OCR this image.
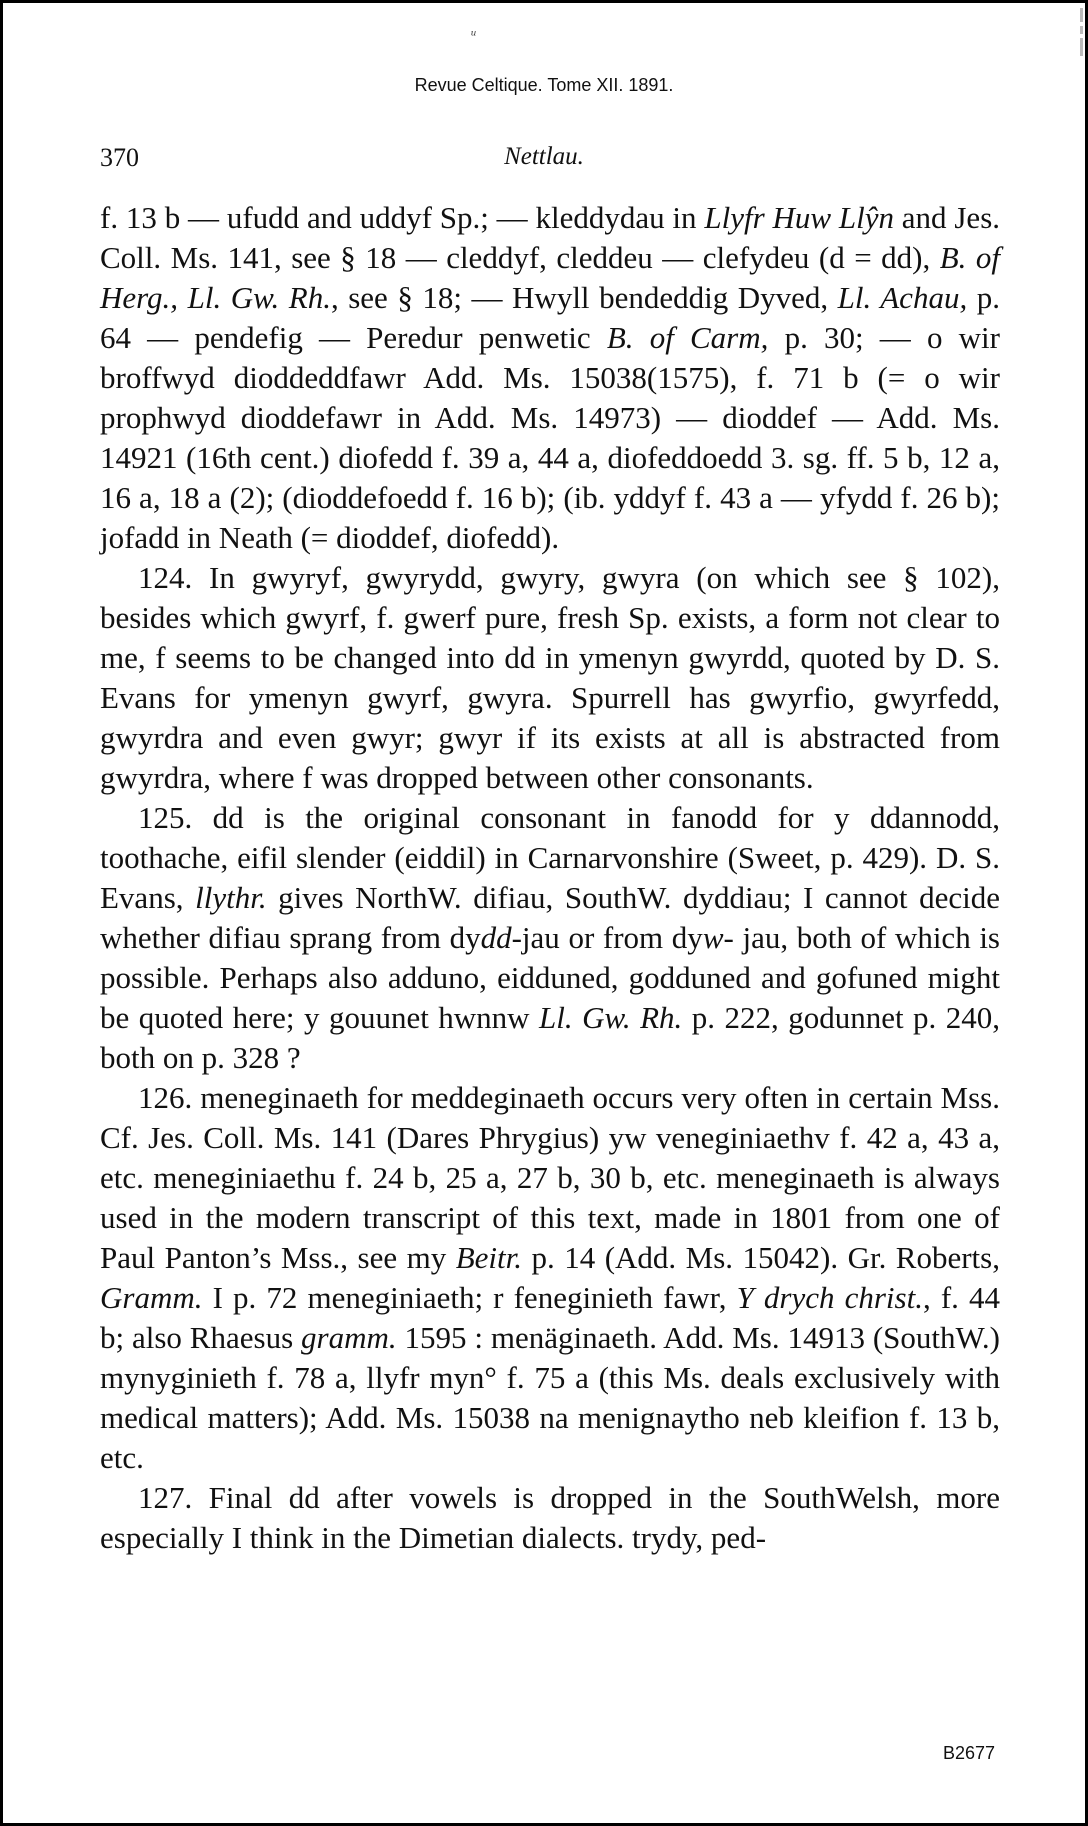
ᵘ
Revue Celtique. Tome XII. 1891.
370	Nettlau.

f. 13 b — ufudd and uddyf Sp.; — kleddydau in Llyfr Huw Llŷn and Jes. Coll. Ms. 141, see § 18 — cleddyf, cleddeu — clefydeu (d = dd), B. of Herg., Ll. Gw. Rh., see § 18; — Hwyll bendeddig Dyved, Ll. Achau, p. 64 — pendefig — Peredur penwetic B. of Carm, p. 30; — o wir broffwyd dioddeddfawr Add. Ms. 15038(1575), f. 71 b (= o wir prophwyd dioddefawr in Add. Ms. 14973) — dioddef — Add. Ms. 14921 (16th cent.) diofedd f. 39 a, 44 a, diofeddoedd 3. sg. ff. 5 b, 12 a, 16 a, 18 a (2); (dioddefoedd f. 16 b); (ib. yddyf f. 43 a — yfydd f. 26 b); jofadd in Neath (= dioddef, diofedd).

124. In gwyryf, gwyrydd, gwyry, gwyra (on which see § 102), besides which gwyrf, f. gwerf pure, fresh Sp. exists, a form not clear to me, f seems to be changed into dd in ymenyn gwyrdd, quoted by D. S. Evans for ymenyn gwyrf, gwyra. Spurrell has gwyrfio, gwyrfedd, gwyrdra and even gwyr; gwyr if its exists at all is abstracted from gwyrdra, where f was dropped between other consonants.

125. dd is the original consonant in fanodd for y ddannodd, toothache, eifil slender (eiddil) in Carnarvonshire (Sweet, p. 429). D. S. Evans, llythr. gives NorthW. difiau, SouthW. dyddiau; I cannot decide whether difiau sprang from dydd-jau or from dyw- jau, both of which is possible. Perhaps also adduno, eidduned, godduned and gofuned might be quoted here; y gouunet hwnnw Ll. Gw. Rh. p. 222, godunnet p. 240, both on p. 328 ?

126. meneginaeth for meddeginaeth occurs very often in certain Mss. Cf. Jes. Coll. Ms. 141 (Dares Phrygius) yw veneginiaethv f. 42 a, 43 a, etc. meneginiaethu f. 24 b, 25 a, 27 b, 30 b, etc. meneginaeth is always used in the modern transcript of this text, made in 1801 from one of Paul Panton’s Mss., see my Beitr. p. 14 (Add. Ms. 15042). Gr. Roberts, Gramm. I p. 72 meneginiaeth; r feneginieth fawr, Y drych christ., f. 44 b; also Rhaesus gramm. 1595 : menäginaeth. Add. Ms. 14913 (SouthW.) mynyginieth f. 78 a, llyfr myn° f. 75 a (this Ms. deals exclusively with medical matters); Add. Ms. 15038 na menignaytho neb kleifion f. 13 b, etc.

127. Final dd after vowels is dropped in the SouthWelsh, more especially I think in the Dimetian dialects. trydy, ped-

B2677
